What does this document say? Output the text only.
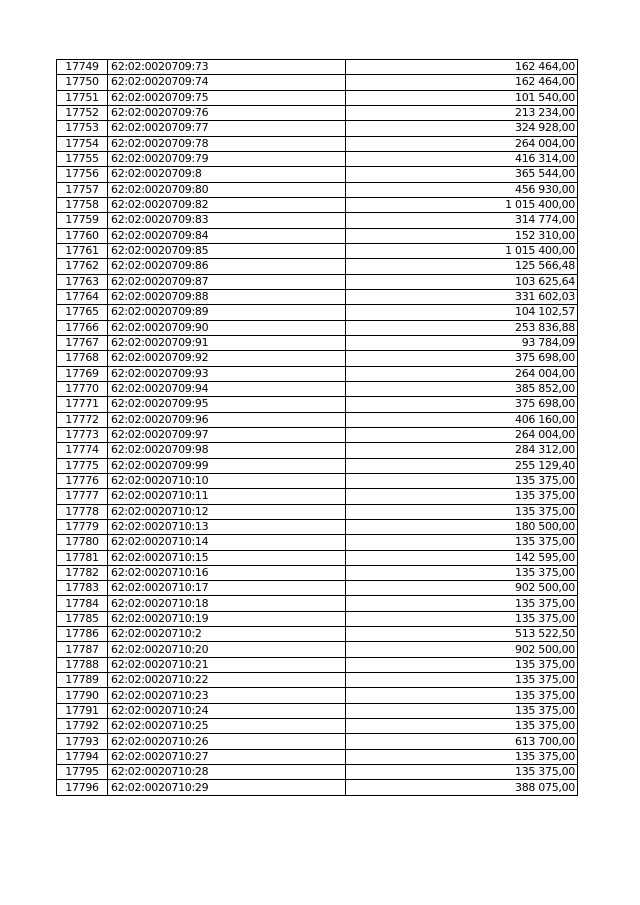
17749	62:02:0020709:73	162 464,00
17750	62:02:0020709:74	162 464,00
17751	62:02:0020709:75	101 540,00
17752	62:02:0020709:76	213 234,00
17753	62:02:0020709:77	324 928,00
17754	62:02:0020709:78	264 004,00
17755	62:02:0020709:79	416 314,00
17756	62:02:0020709:8	365 544,00
17757	62:02:0020709:80	456 930,00
17758	62:02:0020709:82	1 015 400,00
17759	62:02:0020709:83	314 774,00
17760	62:02:0020709:84	152 310,00
17761	62:02:0020709:85	1 015 400,00
17762	62:02:0020709:86	125 566,48
17763	62:02:0020709:87	103 625,64
17764	62:02:0020709:88	331 602,03
17765	62:02:0020709:89	104 102,57
17766	62:02:0020709:90	253 836,88
17767	62:02:0020709:91	93 784,09
17768	62:02:0020709:92	375 698,00
17769	62:02:0020709:93	264 004,00
17770	62:02:0020709:94	385 852,00
17771	62:02:0020709:95	375 698,00
17772	62:02:0020709:96	406 160,00
17773	62:02:0020709:97	264 004,00
17774	62:02:0020709:98	284 312,00
17775	62:02:0020709:99	255 129,40
17776	62:02:0020710:10	135 375,00
17777	62:02:0020710:11	135 375,00
17778	62:02:0020710:12	135 375,00
17779	62:02:0020710:13	180 500,00
17780	62:02:0020710:14	135 375,00
17781	62:02:0020710:15	142 595,00
17782	62:02:0020710:16	135 375,00
17783	62:02:0020710:17	902 500,00
17784	62:02:0020710:18	135 375,00
17785	62:02:0020710:19	135 375,00
17786	62:02:0020710:2	513 522,50
17787	62:02:0020710:20	902 500,00
17788	62:02:0020710:21	135 375,00
17789	62:02:0020710:22	135 375,00
17790	62:02:0020710:23	135 375,00
17791	62:02:0020710:24	135 375,00
17792	62:02:0020710:25	135 375,00
17793	62:02:0020710:26	613 700,00
17794	62:02:0020710:27	135 375,00
17795	62:02:0020710:28	135 375,00
17796	62:02:0020710:29	388 075,00
